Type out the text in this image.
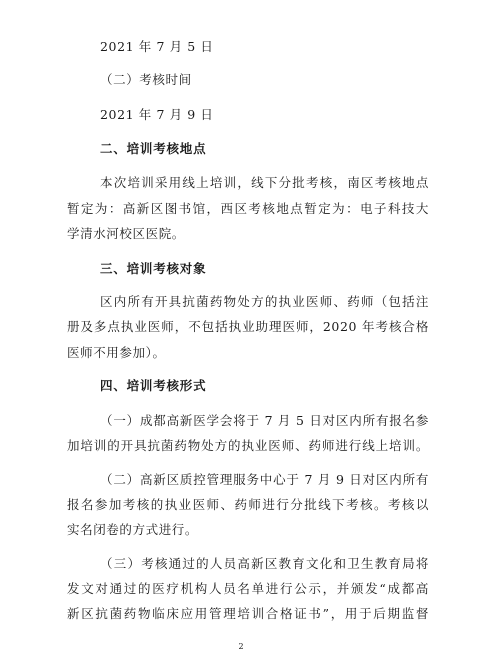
2021 年 7 月 5 日
（二）考核时间
2021 年 7 月 9 日
二、培训考核地点
本次培训采用线上培训，线下分批考核，南区考核地点
暂定为：高新区图书馆，西区考核地点暂定为：电子科技大
学清水河校区医院。
三、培训考核对象
区内所有开具抗菌药物处方的执业医师、药师（包括注
册及多点执业医师，不包括执业助理医师，2020 年考核合格
医师不用参加）。
四、培训考核形式
（一）成都高新医学会将于 7 月 5 日对区内所有报名参
加培训的开具抗菌药物处方的执业医师、药师进行线上培训。
（二）高新区质控管理服务中心于 7 月 9 日对区内所有
报名参加考核的执业医师、药师进行分批线下考核。考核以
实名闭卷的方式进行。
（三）考核通过的人员高新区教育文化和卫生教育局将
发文对通过的医疗机构人员名单进行公示，并颁发“成都高
新区抗菌药物临床应用管理培训合格证书”，用于后期监督
2
